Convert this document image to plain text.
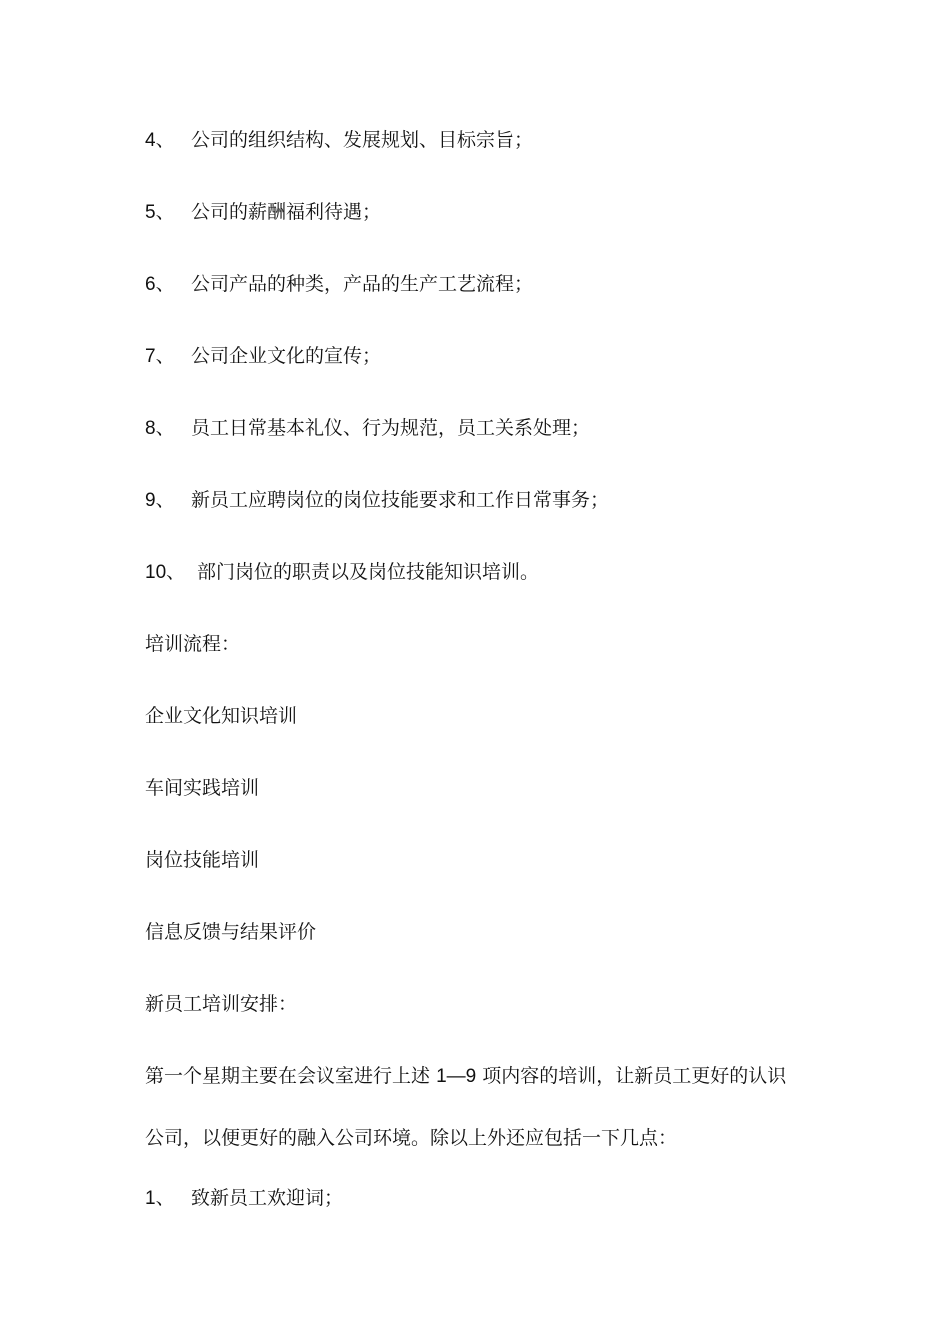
4、 公司的组织结构、发展规划、目标宗旨；
5、 公司的薪酬福利待遇；
6、 公司产品的种类，产品的生产工艺流程；
7、 公司企业文化的宣传；
8、 员工日常基本礼仪、行为规范，员工关系处理；
9、 新员工应聘岗位的岗位技能要求和工作日常事务；
10、 部门岗位的职责以及岗位技能知识培训。
培训流程：
企业文化知识培训
车间实践培训
岗位技能培训
信息反馈与结果评价
新员工培训安排：
第一个星期主要在会议室进行上述 1—9 项内容的培训，让新员工更好的认识
公司，以便更好的融入公司环境。除以上外还应包括一下几点：
1、 致新员工欢迎词；
